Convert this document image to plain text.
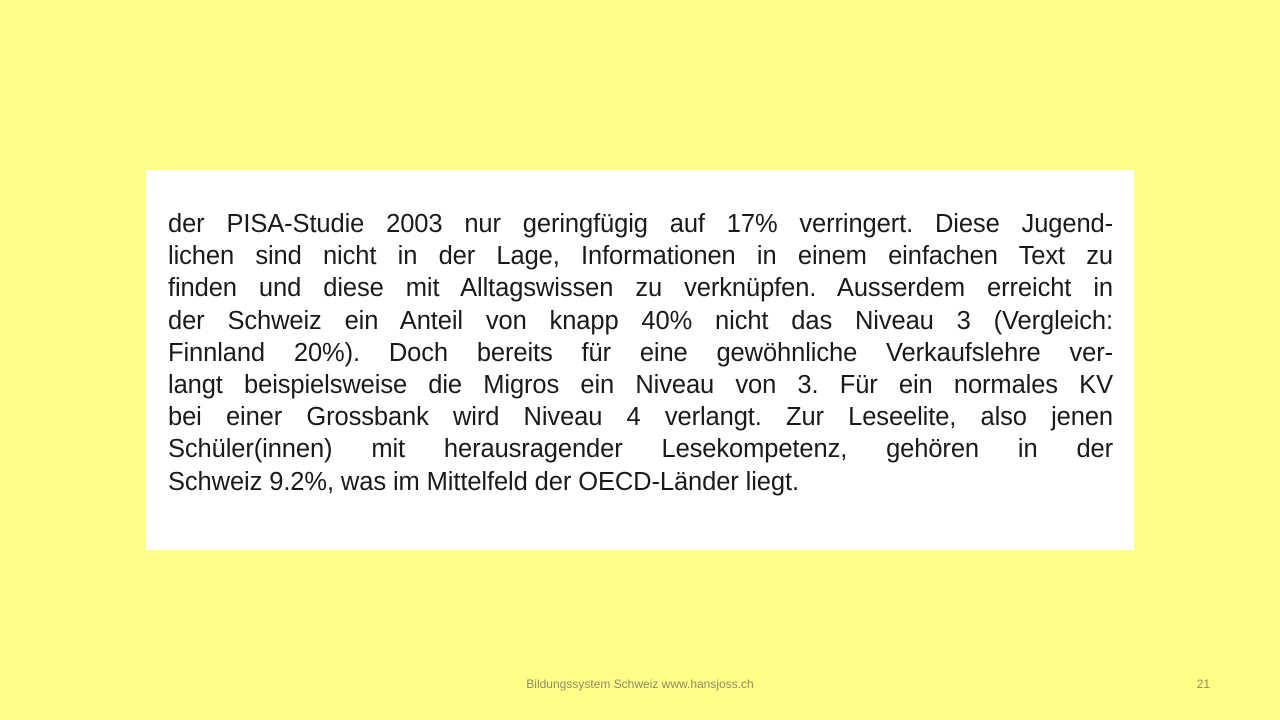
der PISA-Studie 2003 nur geringfügig auf 17% verringert. Diese Jugend-
lichen sind nicht in der Lage, Informationen in einem einfachen Text zu
finden und diese mit Alltagswissen zu verknüpfen. Ausserdem erreicht in
der Schweiz ein Anteil von knapp 40% nicht das Niveau 3 (Vergleich:
Finnland 20%). Doch bereits für eine gewöhnliche Verkaufslehre ver-
langt beispielsweise die Migros ein Niveau von 3. Für ein normales KV
bei einer Grossbank wird Niveau 4 verlangt. Zur Leseelite, also jenen
Schüler(innen) mit herausragender Lesekompetenz, gehören in der
Schweiz 9.2%, was im Mittelfeld der OECD-Länder liegt.
Bildungssystem Schweiz www.hansjoss.ch	21
